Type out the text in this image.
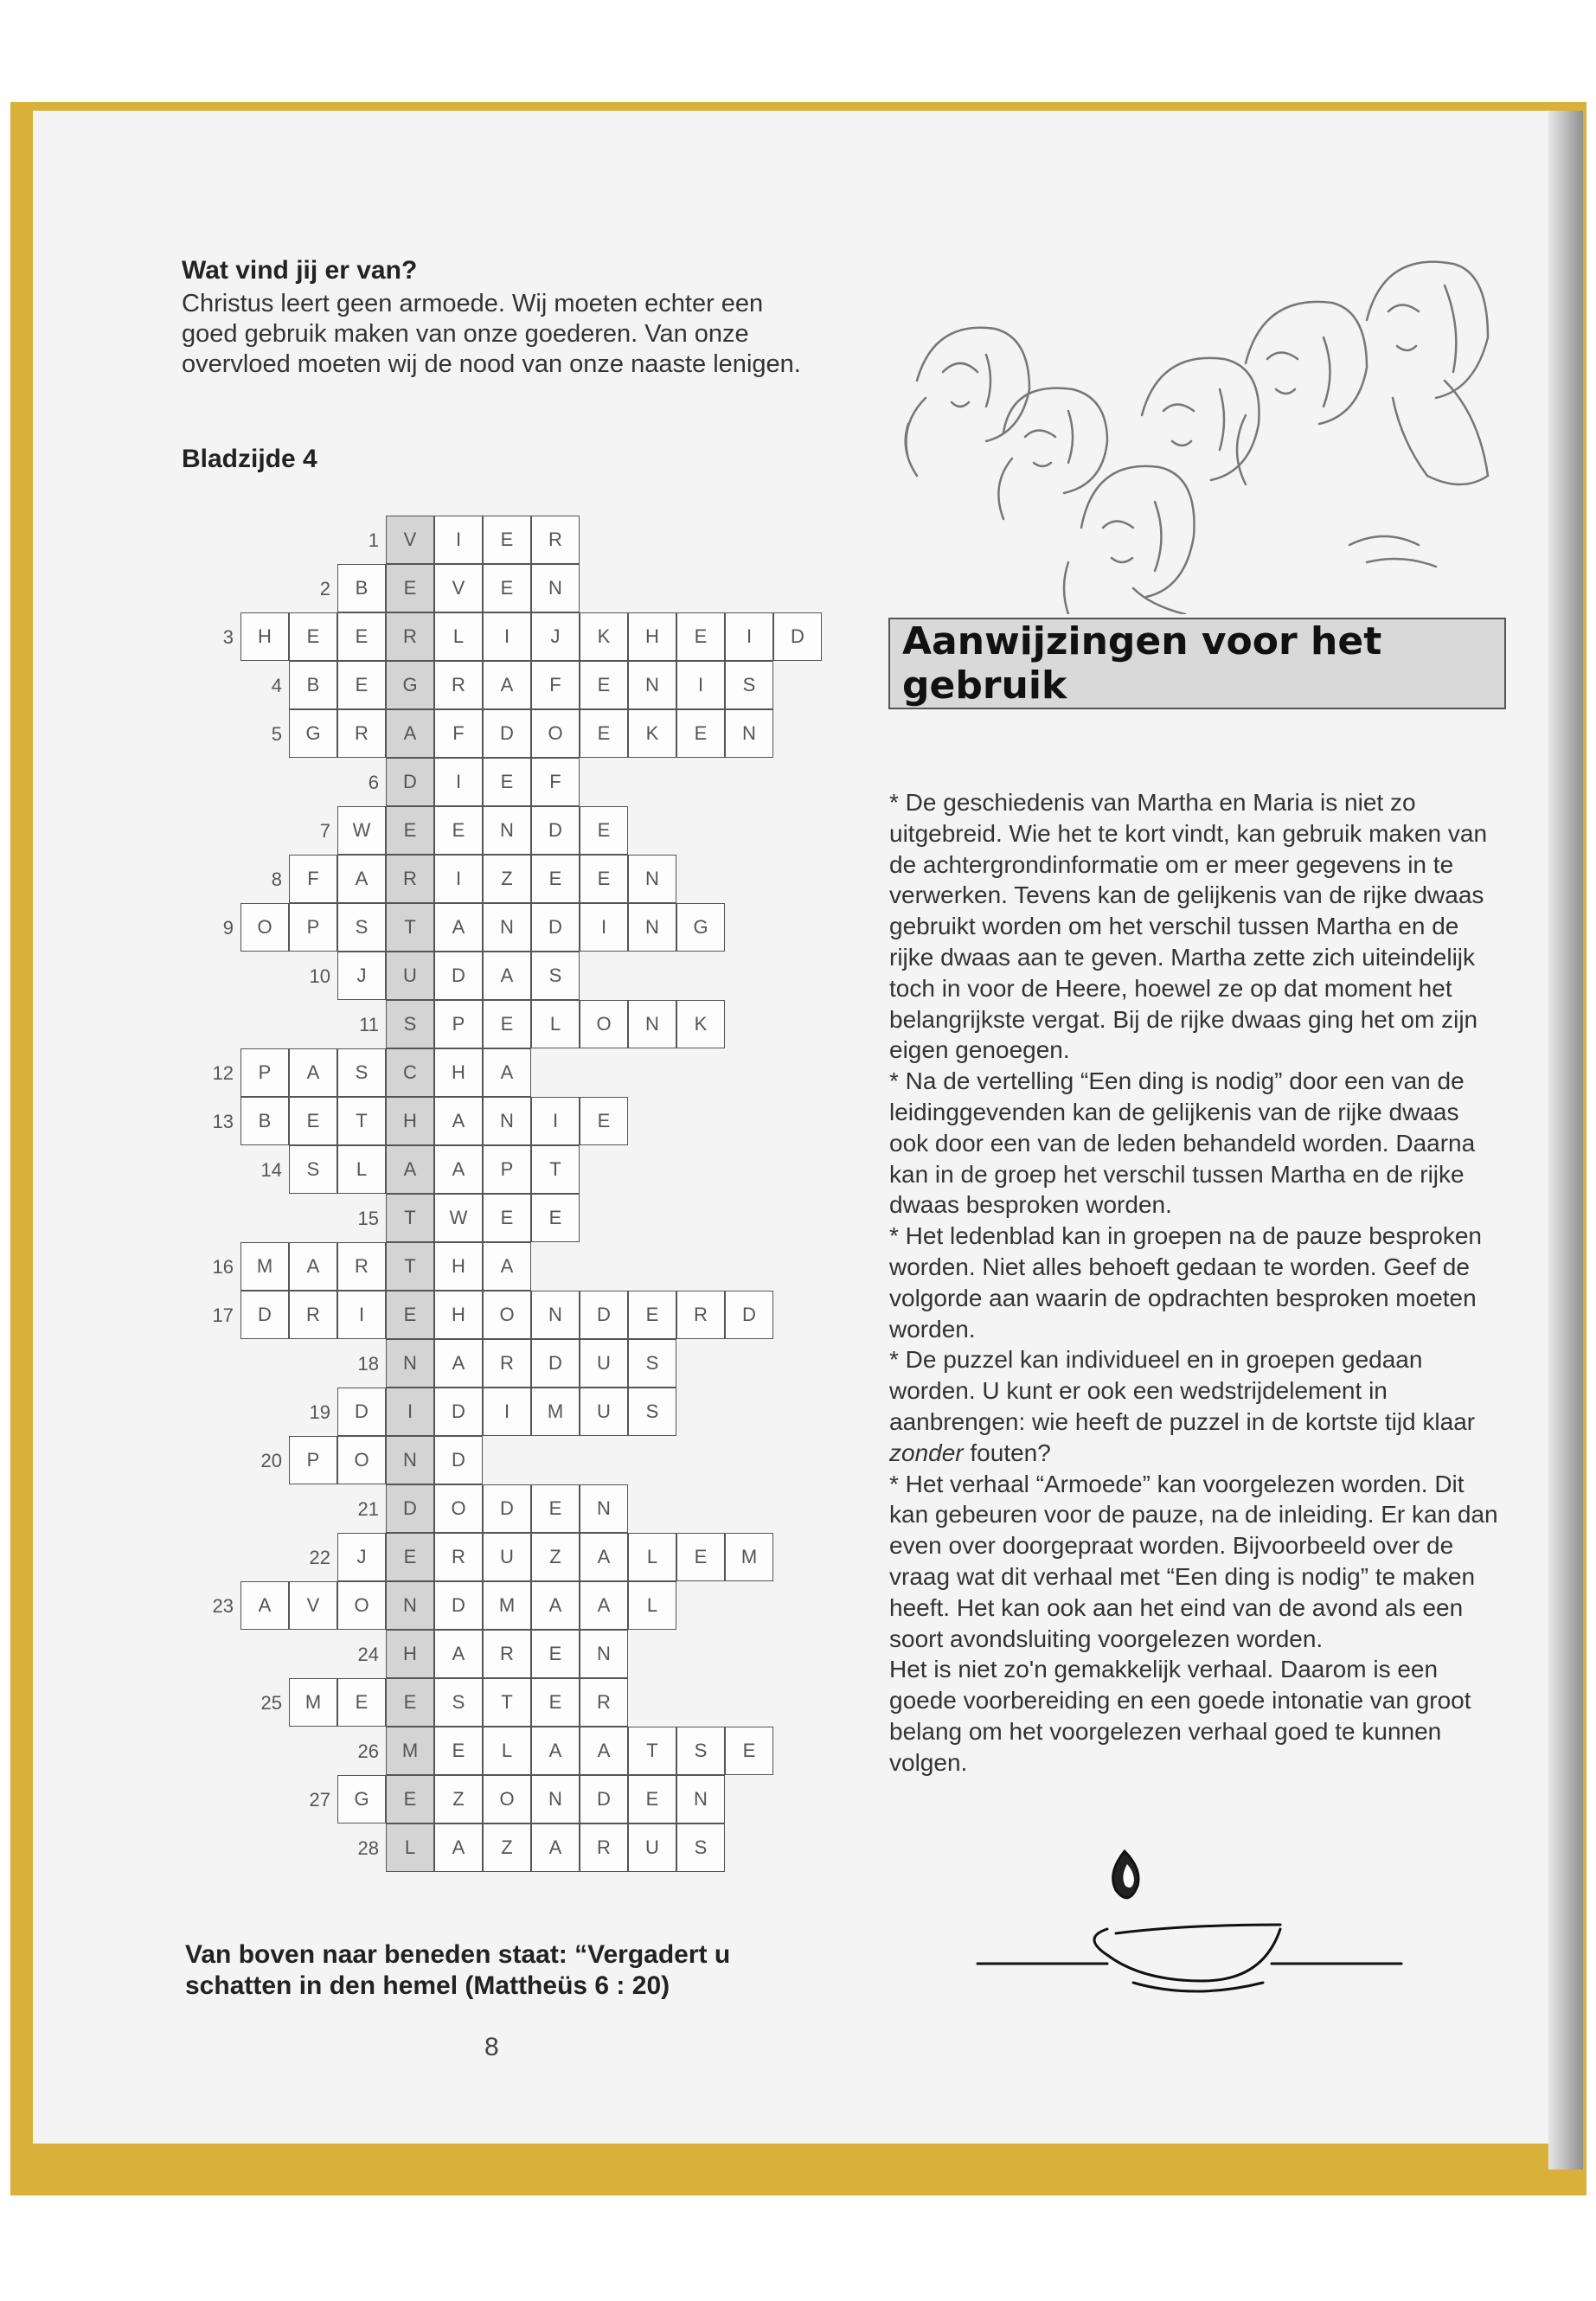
Wat vind jij er van?
Christus leert geen armoede. Wij moeten echter een goed gebruik maken van onze goederen. Van onze overvloed moeten wij de nood van onze naaste lenigen.
Bladzijde 4
1	V	I	E	R
2	B	E	V	E	N
3	H	E	E	R	L	I	J	K	H	E	I	D
4	B	E	G	R	A	F	E	N	I	S
5	G	R	A	F	D	O	E	K	E	N
6	D	I	E	F
7	W	E	E	N	D	E
8	F	A	R	I	Z	E	E	N
9	O	P	S	T	A	N	D	I	N	G
10	J	U	D	A	S
11	S	P	E	L	O	N	K
12	P	A	S	C	H	A
13	B	E	T	H	A	N	I	E
14	S	L	A	A	P	T
15	T	W	E	E
16	M	A	R	T	H	A
17	D	R	I	E	H	O	N	D	E	R	D
18	N	A	R	D	U	S
19	D	I	D	I	M	U	S
20	P	O	N	D
21	D	O	D	E	N
22	J	E	R	U	Z	A	L	E	M
23	A	V	O	N	D	M	A	A	L
24	H	A	R	E	N
25	M	E	E	S	T	E	R
26	M	E	L	A	A	T	S	E
27	G	E	Z	O	N	D	E	N
28	L	A	Z	A	R	U	S
Van boven naar beneden staat: “Vergadert u schatten in den hemel (Mattheüs 6 : 20)
8
Aanwijzingen voor het gebruik

* De geschiedenis van Martha en Maria is niet zo uitgebreid. Wie het te kort vindt, kan gebruik maken van de achtergrondinformatie om er meer gegevens in te verwerken. Tevens kan de gelijkenis van de rijke dwaas gebruikt worden om het verschil tussen Martha en de rijke dwaas aan te geven. Martha zette zich uiteindelijk toch in voor de Heere, hoewel ze op dat moment het belangrijkste vergat. Bij de rijke dwaas ging het om zijn eigen genoegen.

* Na de vertelling “Een ding is nodig” door een van de leidinggevenden kan de gelijkenis van de rijke dwaas ook door een van de leden behandeld worden. Daarna kan in de groep het verschil tussen Martha en de rijke dwaas besproken worden.

* Het ledenblad kan in groepen na de pauze besproken worden. Niet alles behoeft gedaan te worden. Geef de volgorde aan waarin de opdrachten besproken moeten worden.

* De puzzel kan individueel en in groepen gedaan worden. U kunt er ook een wedstrijdelement in aanbrengen: wie heeft de puzzel in de kortste tijd klaar zonder fouten?

* Het verhaal “Armoede” kan voorgelezen worden. Dit kan gebeuren voor de pauze, na de inleiding. Er kan dan even over doorgepraat worden. Bijvoorbeeld over de vraag wat dit verhaal met “Een ding is nodig” te maken heeft. Het kan ook aan het eind van de avond als een soort avondsluiting voorgelezen worden.

Het is niet zo'n gemakkelijk verhaal. Daarom is een goede voorbereiding en een goede intonatie van groot belang om het voorgelezen verhaal goed te kunnen volgen.
